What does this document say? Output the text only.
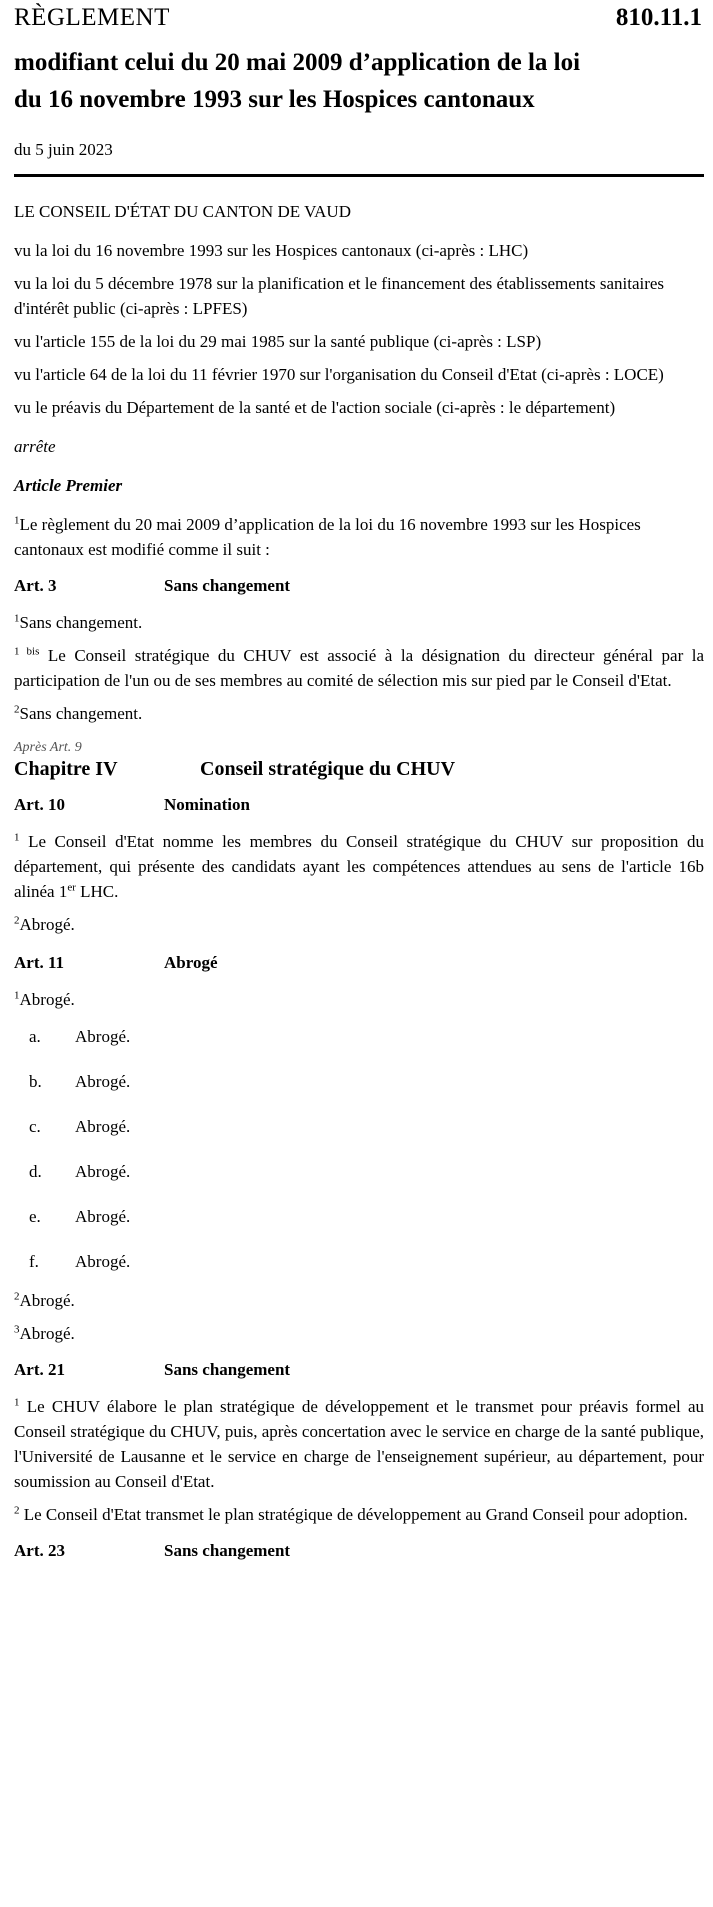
RÈGLEMENT	810.11.1
modifiant celui du 20 mai 2009 d’application de la loi
du 16 novembre 1993 sur les Hospices cantonaux
du 5 juin 2023

LE CONSEIL D'ÉTAT DU CANTON DE VAUD

vu la loi du 16 novembre 1993 sur les Hospices cantonaux (ci-après : LHC)

vu la loi du 5 décembre 1978 sur la planification et le financement des établissements sanitaires d'intérêt public (ci-après : LPFES)

vu l'article 155 de la loi du 29 mai 1985 sur la santé publique (ci-après : LSP)

vu l'article 64 de la loi du 11 février 1970 sur l'organisation du Conseil d'Etat (ci-après : LOCE)

vu le préavis du Département de la santé et de l'action sociale (ci-après : le département)

arrête

Article Premier

$^1$Le règlement du 20 mai 2009 d’application de la loi du 16 novembre 1993 sur les Hospices cantonaux est modifié comme il suit :

Art. 3	Sans changement

$^1$Sans changement.

$^{1 bis}$ Le Conseil stratégique du CHUV est associé à la désignation du directeur général par la participation de l'un ou de ses membres au comité de sélection mis sur pied par le Conseil d'Etat.

$^2$Sans changement.

Après Art. 9
Chapitre IV	Conseil stratégique du CHUV
Art. 10	Nomination

$^1$ Le Conseil d'Etat nomme les membres du Conseil stratégique du CHUV sur proposition du département, qui présente des candidats ayant les compétences attendues au sens de l'article 16b alinéa 1er LHC.

$^2$Abrogé.

Art. 11	Abrogé

$^1$Abrogé.

a.	Abrogé.
b.	Abrogé.
c.	Abrogé.
d.	Abrogé.
e.	Abrogé.
f.	Abrogé.

$^2$Abrogé.

$^3$Abrogé.

Art. 21	Sans changement

$^1$ Le CHUV élabore le plan stratégique de développement et le transmet pour préavis formel au Conseil stratégique du CHUV, puis, après concertation avec le service en charge de la santé publique, l'Université de Lausanne et le service en charge de l'enseignement supérieur, au département, pour soumission au Conseil d'Etat.

$^2$ Le Conseil d'Etat transmet le plan stratégique de développement au Grand Conseil pour adoption.

Art. 23	Sans changement
